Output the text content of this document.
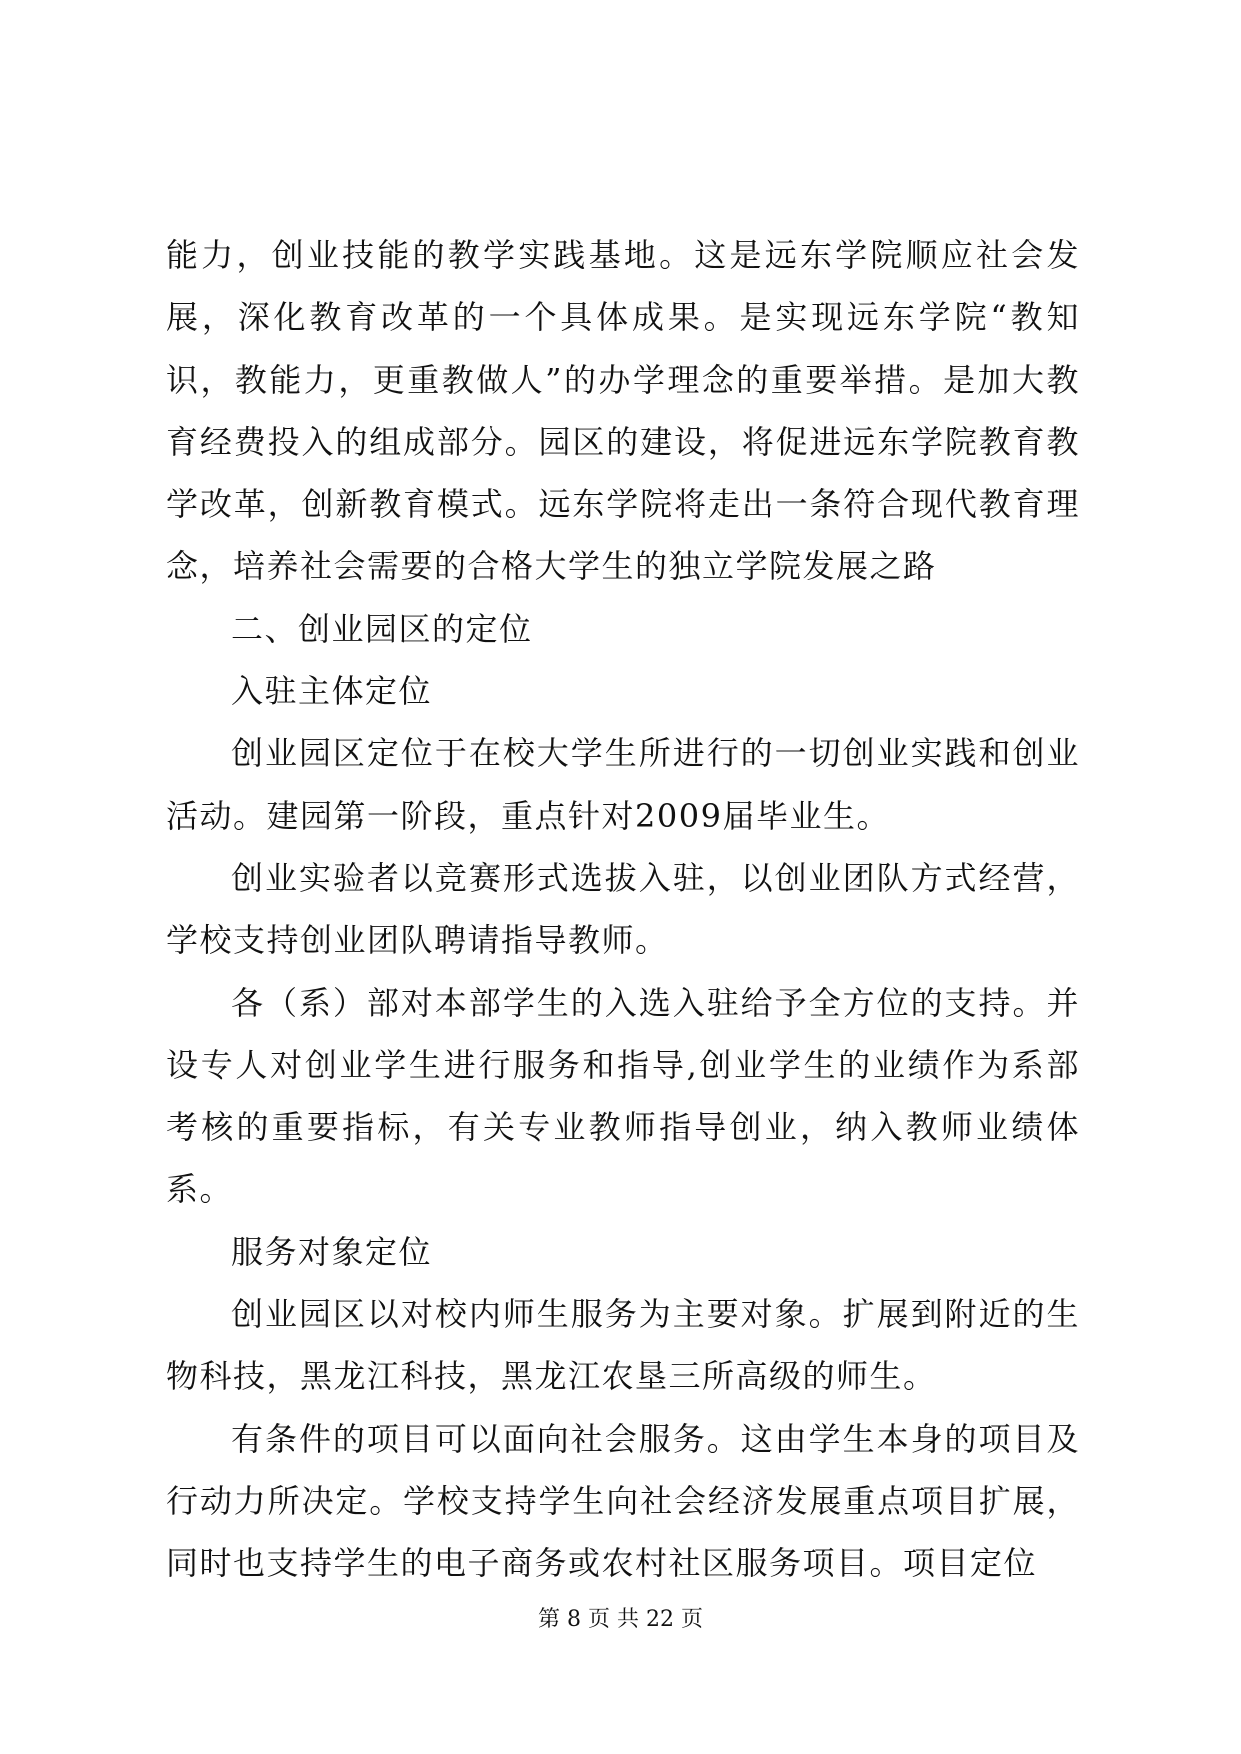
能力，创业技能的教学实践基地。这是远东学院顺应社会发展，深化教育改革的一个具体成果。是实现远东学院“教知识，教能力，更重教做人”的办学理念的重要举措。是加大教育经费投入的组成部分。园区的建设，将促进远东学院教育教学改革，创新教育模式。远东学院将走出一条符合现代教育理念，培养社会需要的合格大学生的独立学院发展之路

二、创业园区的定位

入驻主体定位

创业园区定位于在校大学生所进行的一切创业实践和创业活动。建园第一阶段，重点针对2009届毕业生。

创业实验者以竞赛形式选拔入驻，以创业团队方式经营，学校支持创业团队聘请指导教师。

各（系）部对本部学生的入选入驻给予全方位的支持。并设专人对创业学生进行服务和指导,创业学生的业绩作为系部考核的重要指标，有关专业教师指导创业，纳入教师业绩体系。

服务对象定位

创业园区以对校内师生服务为主要对象。扩展到附近的生物科技，黑龙江科技，黑龙江农垦三所高级的师生。

有条件的项目可以面向社会服务。这由学生本身的项目及行动力所决定。学校支持学生向社会经济发展重点项目扩展，同时也支持学生的电子商务或农村社区服务项目。项目定位

第 8 页 共 22 页
